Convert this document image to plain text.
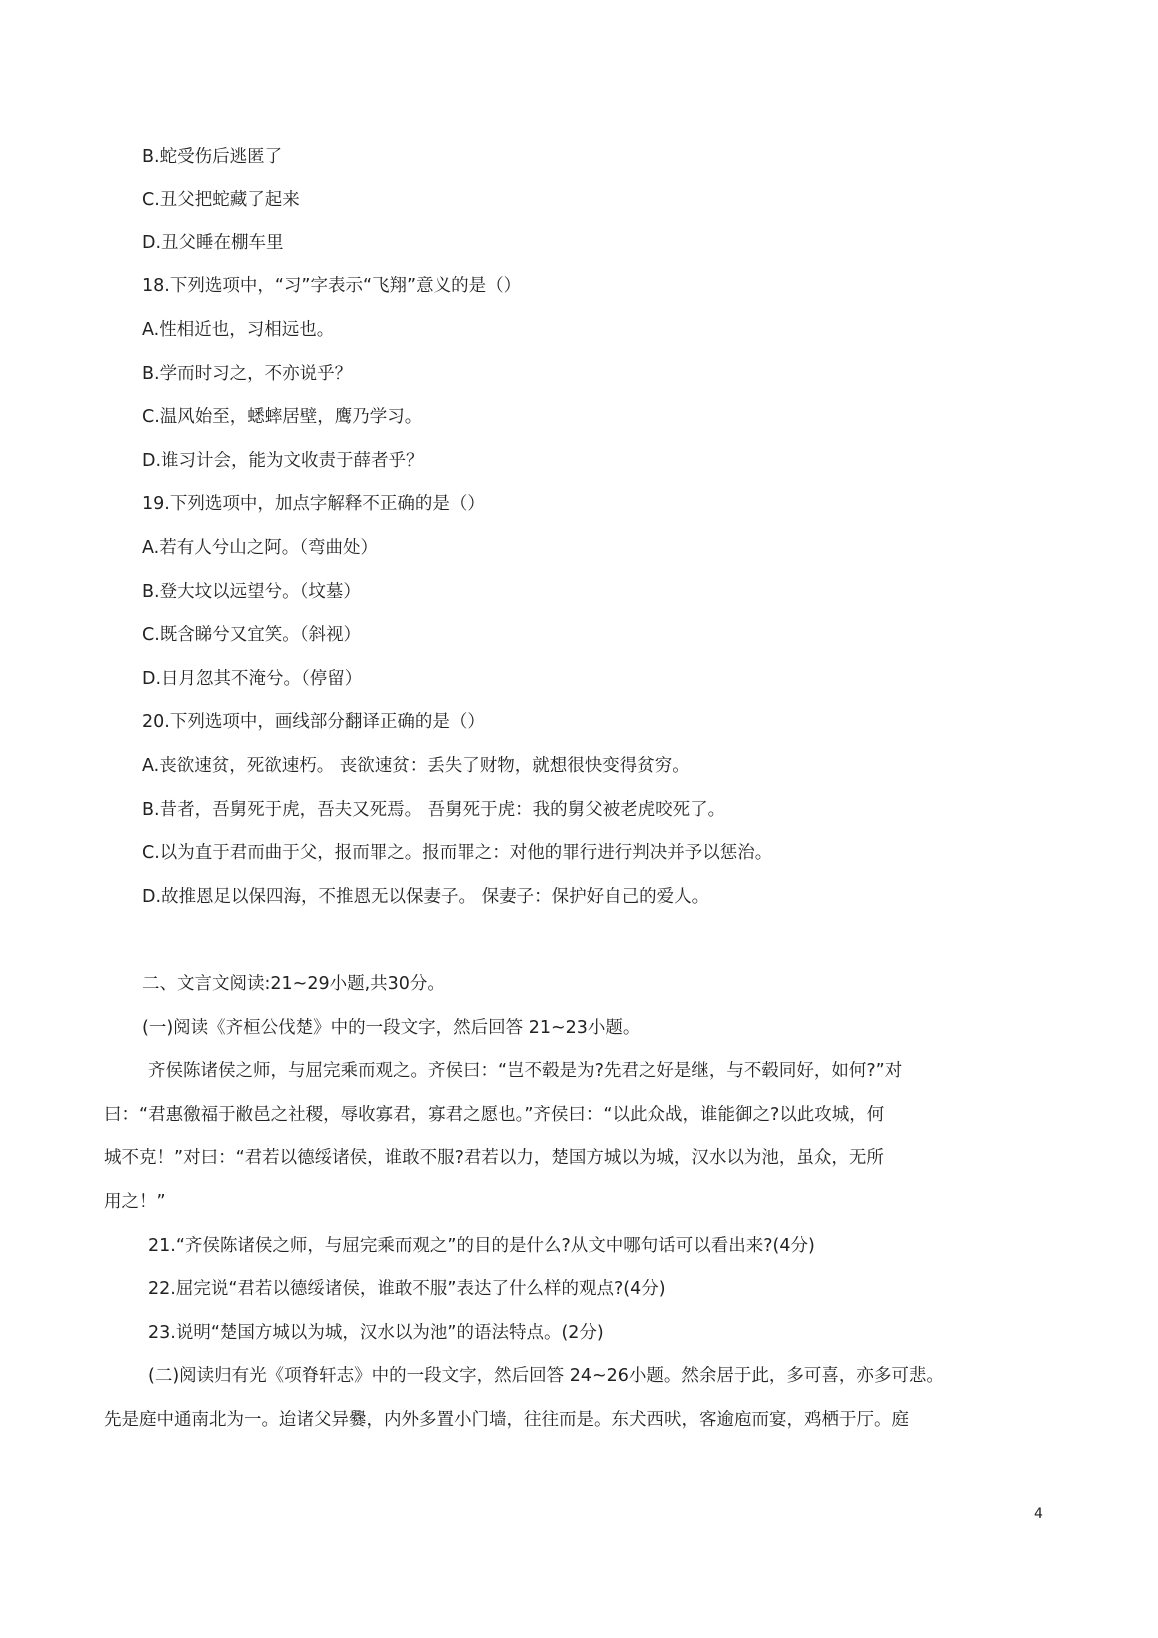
B.蛇受伤后逃匿了
C.丑父把蛇藏了起来
D.丑父睡在棚车里
18.下列选项中，“习”字表示“飞翔”意义的是（）
A.性相近也，习相远也。
B.学而时习之，不亦说乎？
C.温风始至，蟋蟀居壁，鹰乃学习。
D.谁习计会，能为文收责于薛者乎？
19.下列选项中，加点字解释不正确的是（）
A.若有人兮山之阿。（弯曲处）
B.登大坟以远望兮。（坟墓）
C.既含睇兮又宜笑。（斜视）
D.日月忽其不淹兮。（停留）
20.下列选项中，画线部分翻译正确的是（）
A.丧欲速贫，死欲速朽。 丧欲速贫：丢失了财物，就想很快变得贫穷。
B.昔者，吾舅死于虎，吾夫又死焉。 吾舅死于虎：我的舅父被老虎咬死了。
C.以为直于君而曲于父，报而罪之。报而罪之：对他的罪行进行判决并予以惩治。
D.故推恩足以保四海，不推恩无以保妻子。 保妻子：保护好自己的爱人。
二、文言文阅读:21~29小题,共30分。
(一)阅读《齐桓公伐楚》中的一段文字，然后回答 21~23小题。
齐侯陈诸侯之师，与屈完乘而观之。齐侯曰：“岂不毂是为?先君之好是继，与不毂同好，如何?”对
曰：“君惠徼福于敝邑之社稷，辱收寡君，寡君之愿也。”齐侯曰：“以此众战，谁能御之?以此攻城，何
城不克！”对曰：“君若以德绥诸侯，谁敢不服?君若以力，楚国方城以为城，汉水以为池，虽众，无所
用之！”
21.“齐侯陈诸侯之师，与屈完乘而观之”的目的是什么?从文中哪句话可以看出来?(4分)
22.屈完说“君若以德绥诸侯，谁敢不服”表达了什么样的观点?(4分)
23.说明“楚国方城以为城，汉水以为池”的语法特点。(2分)
(二)阅读归有光《项脊轩志》中的一段文字，然后回答 24~26小题。然余居于此，多可喜，亦多可悲。
先是庭中通南北为一。迨诸父异爨，内外多置小门墙，往往而是。东犬西吠，客逾庖而宴，鸡栖于厅。庭
4
